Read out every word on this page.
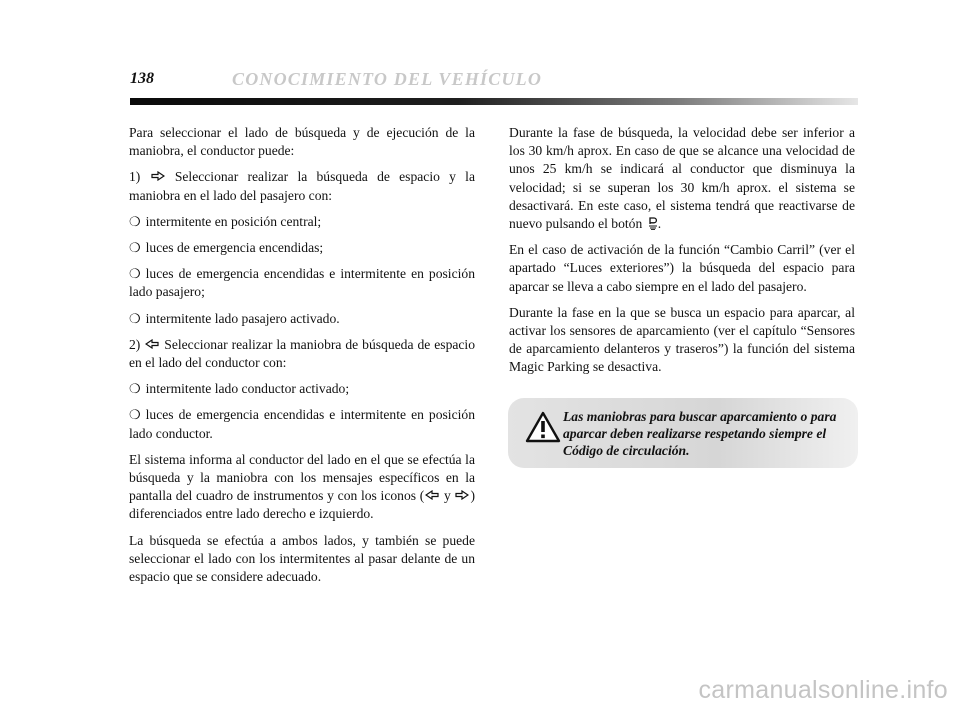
138	CONOCIMIENTO DEL VEHÍCULO

Para seleccionar el lado de búsqueda y de ejecución de la maniobra, el conductor puede:

1)	Seleccionar realizar la búsqueda de espacio y la maniobra en el lado del pasajero con:

❍ intermitente en posición central;

❍ luces de emergencia encendidas;

❍ luces de emergencia encendidas e intermitente en posición lado pasajero;

❍ intermitente lado pasajero activado.

2) Seleccionar realizar la maniobra de búsqueda de espacio en el lado del conductor con:

❍ intermitente lado conductor activado;

❍ luces de emergencia encendidas e intermitente en posición lado conductor.

El sistema informa al conductor del lado en el que se efectúa la búsqueda y la maniobra con los mensajes específicos en la pantalla del cuadro de instrumentos y con los iconos ( y ) diferenciados entre lado derecho e izquierdo.

La búsqueda se efectúa a ambos lados, y también se puede seleccionar el lado con los intermitentes al pasar delante de un espacio que se considere adecuado.

Durante la fase de búsqueda, la velocidad debe ser inferior a los 30 km/h aprox. En caso de que se alcance una velocidad de unos 25 km/h se indicará al conductor que disminuya la velocidad; si se superan los 30 km/h aprox. el sistema se desactivará. En este caso, el sistema tendrá que reactivarse de nuevo pulsando el botón .

En el caso de activación de la función “Cambio Carril” (ver el apartado “Luces exteriores”) la búsqueda del espacio para aparcar se lleva a cabo siempre en el lado del pasajero.

Durante la fase en la que se busca un espacio para aparcar, al activar los sensores de aparcamiento (ver el capítulo “Sensores de aparcamiento delanteros y traseros”) la función del sistema Magic Parking se desactiva.

Las maniobras para buscar aparcamiento o para aparcar deben realizarse respetando siempre el Código de circulación.
carmanualsonline.info
